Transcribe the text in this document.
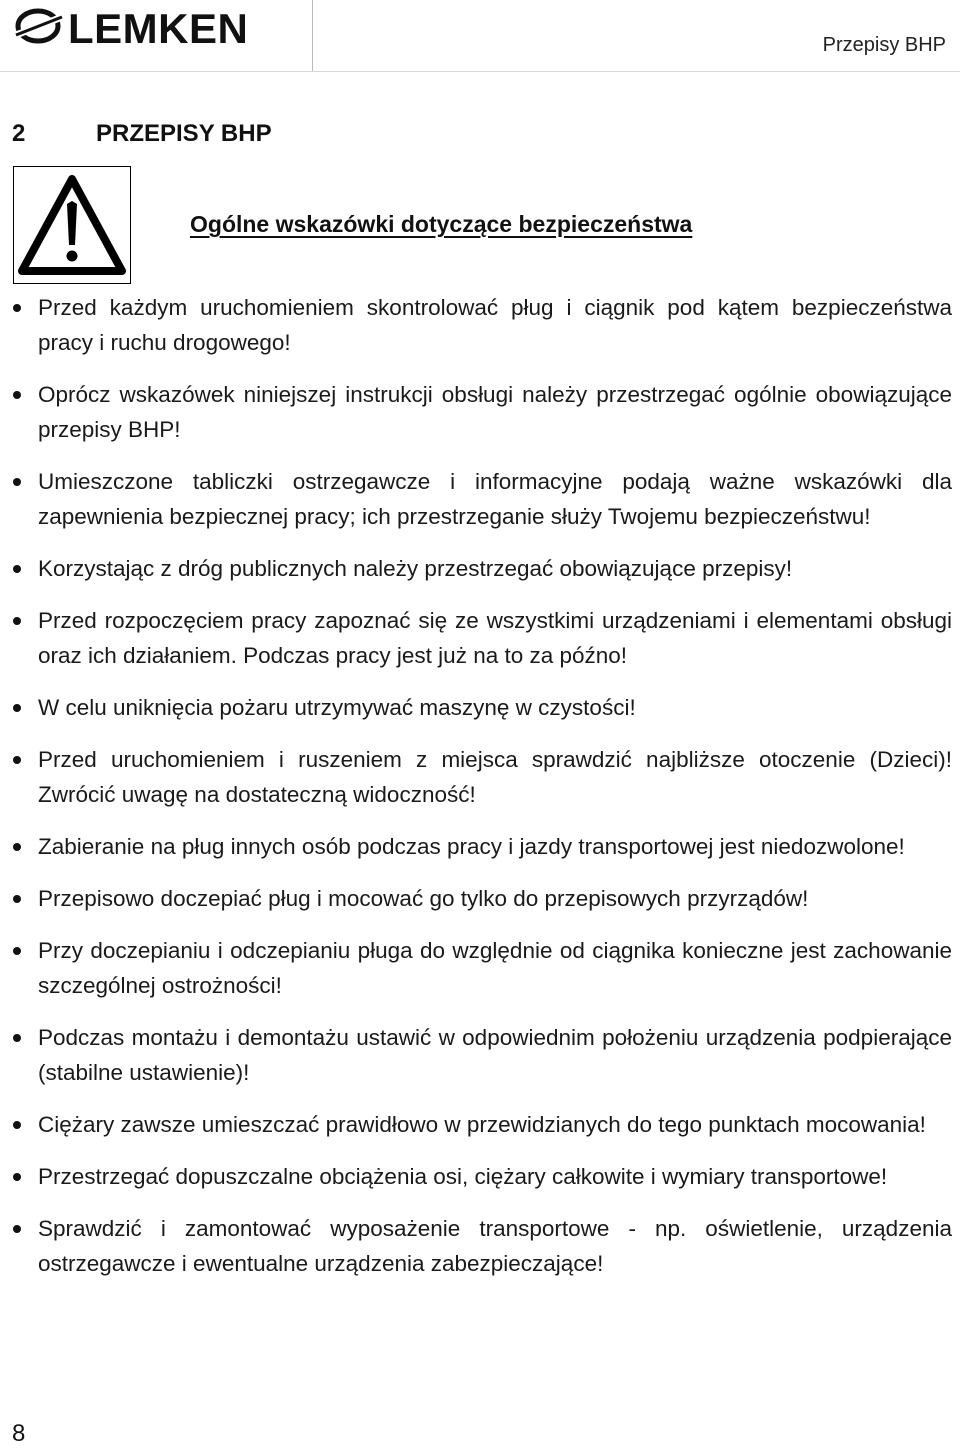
LEMKEN	Przepisy BHP
2	PRZEPISY BHP
Ogólne wskazówki dotyczące bezpieczeństwa
Przed każdym uruchomieniem skontrolować pług i ciągnik pod kątem bezpieczeństwa pracy i ruchu drogowego!
Oprócz wskazówek niniejszej instrukcji obsługi należy przestrzegać ogólnie obowiązujące przepisy BHP!
Umieszczone tabliczki ostrzegawcze i informacyjne podają ważne wskazówki dla zapewnienia bezpiecznej pracy; ich przestrzeganie służy Twojemu bezpieczeństwu!
Korzystając z dróg publicznych należy przestrzegać obowiązujące przepisy!
Przed rozpoczęciem pracy zapoznać się ze wszystkimi urządzeniami i elementami obsługi oraz ich działaniem. Podczas pracy jest już na to za późno!
W celu uniknięcia pożaru utrzymywać maszynę w czystości!
Przed uruchomieniem i ruszeniem z miejsca sprawdzić najbliższe otoczenie (Dzieci)! Zwrócić uwagę na dostateczną widoczność!
Zabieranie na pług innych osób podczas pracy i jazdy transportowej jest niedozwolone!
Przepisowo doczepiać pług i mocować go tylko do przepisowych przyrządów!
Przy doczepianiu i odczepianiu pługa do względnie od ciągnika konieczne jest zachowanie szczególnej ostrożności!
Podczas montażu i demontażu ustawić w odpowiednim położeniu urządzenia podpierające (stabilne ustawienie)!
Ciężary zawsze umieszczać prawidłowo w przewidzianych do tego punktach mocowania!
Przestrzegać dopuszczalne obciążenia osi, ciężary całkowite i wymiary transportowe!
Sprawdzić i zamontować wyposażenie transportowe - np. oświetlenie, urządzenia ostrzegawcze i ewentualne urządzenia zabezpieczające!
8
